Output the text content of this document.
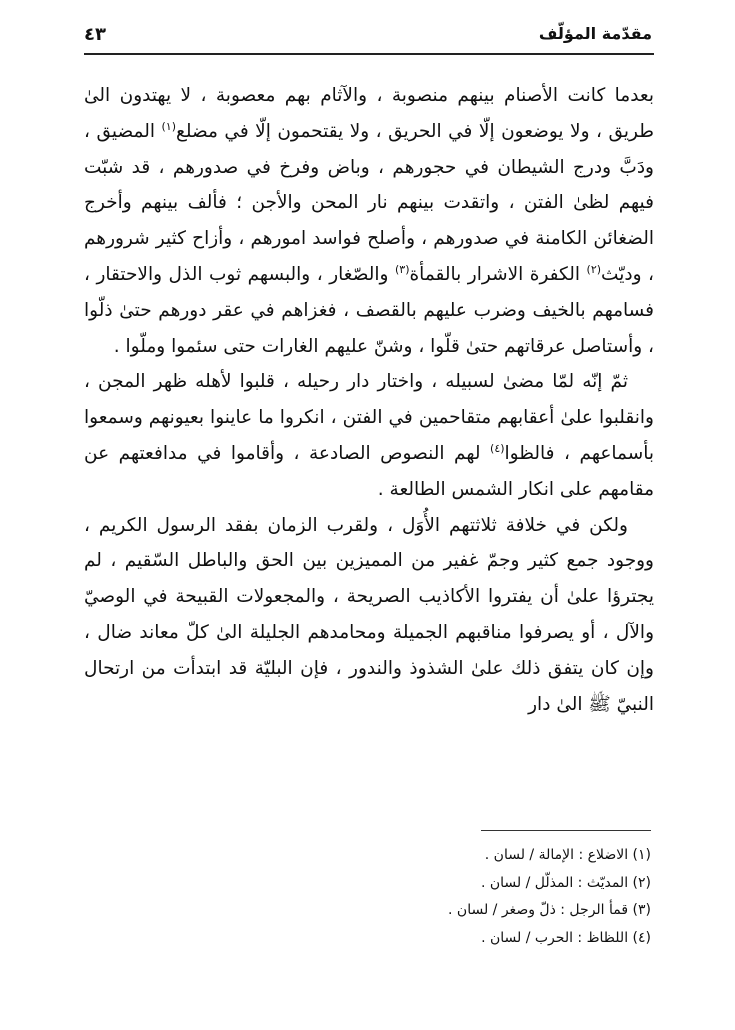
مقدّمة المؤلّف
٤٣

بعدما كانت الأصنام بينهم منصوبة ، والآثام بهم معصوبة ، لا يهتدون الىٰ طريق ، ولا يوضعون إلّا في الحريق ، ولا يقتحمون إلّا في مضلع$^{(١)}$ المضيق ، ودَبَّ ودرج الشيطان في حجورهم ، وباض وفرخ في صدورهم ، قد شبّت فيهم لظىٰ الفتن ، واتقدت بينهم نار المحن والأجن ؛ فألف بينهم وأخرج الضغائن الكامنة في صدورهم ، وأصلح فواسد امورهم ، وأزاح كثير شرورهم ، وديّث$^{(٢)}$ الكفرة الاشرار بالقمأة$^{(٣)}$ والصّغار ، والبسهم ثوب الذل والاحتقار ، فسامهم بالخيف وضرب عليهم بالقصف ، فغزاهم في عقر دورهم حتىٰ ذلّوا ، وأستاصل عرقاتهم حتىٰ قلّوا ، وشنّ عليهم الغارات حتى سئموا وملّوا .

ثمّ إنّه لمّا مضىٰ لسبيله ، واختار دار رحيله ، قلبوا لأهله ظهر المجن ، وانقلبوا علىٰ أعقابهم متقاحمين في الفتن ، انكروا ما عاينوا بعيونهم وسمعوا بأسماعهم ، فالظوا$^{(٤)}$ لهم النصوص الصادعة ، وأقاموا في مدافعتهم عن مقامهم على انكار الشمس الطالعة .

ولكن في خلافة ثلاثتهم الأُوَل ، ولقرب الزمان بفقد الرسول الكريم ، ووجود جمع كثير وجمّ غفير من المميزين بين الحق والباطل السّقيم ، لم يجترؤا علىٰ أن يفتروا الأكاذيب الصريحة ، والمجعولات القبيحة في الوصيّ والآل ، أو يصرفوا مناقبهم الجميلة ومحامدهم الجليلة الىٰ كلّ معاند ضال ، وإن كان يتفق ذلك علىٰ الشذوذ والندور ، فإن البليّة قد ابتدأت من ارتحال النبيّ ﷺ الىٰ دار

(١) الاضلاع : الإمالة / لسان .

(٢) المديّث : المذلّل / لسان .

(٣) قمأ الرجل : ذلّ وصغر / لسان .

(٤) اللظاظ : الحرب / لسان .
